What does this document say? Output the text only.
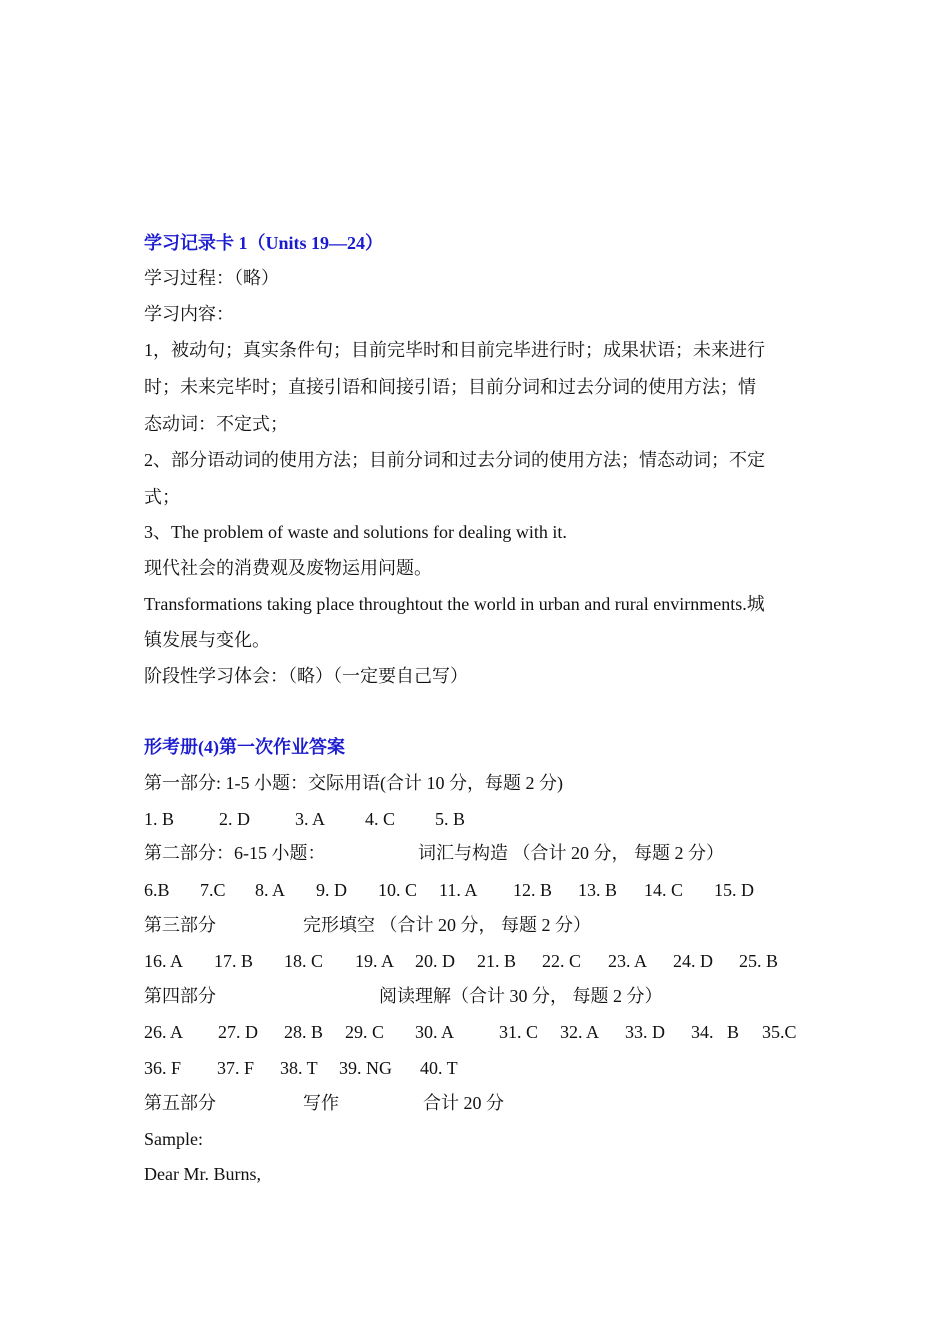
学习记录卡 1（Units 19—24）
学习过程：（略）
学习内容：
1，被动句；真实条件句；目前完毕时和目前完毕进行时；成果状语；未来进行
时；未来完毕时；直接引语和间接引语；目前分词和过去分词的使用方法；情
态动词：不定式；
2、部分语动词的使用方法；目前分词和过去分词的使用方法；情态动词；不定
式；
3、The problem of waste and solutions for dealing with it.
现代社会的消费观及废物运用问题。
Transformations taking place throughtout the world in urban and rural envirnments.城
镇发展与变化。
阶段性学习体会：（略）（一定要自己写）
形考册(4)第一次作业答案
第一部分: 1-5 小题：交际用语(合计 10 分，每题 2 分)

1. B

2. D

	3. A

4. C

5. B

第二部分：6-15 小题：

	词汇与构造 （合计 20 分， 每题 2 分）

6.B

7.C

8. A

9. D

10. C

11. A

12. B

13. B

14. C

15. D

第三部分

	完形填空 （合计 20 分， 每题 2 分）

16. A

17. B

18. C

19. A

20. D

21. B

22. C

23. A

24. D

25. B

第四部分

	阅读理解（合计 30 分， 每题 2 分）

26. A

27. D

28. B

29. C

30. A

31. C

32. A

33. D

34.   B

35.C

36. F

37. F

38. T

39. NG

40. T

第五部分

	写作

	合计 20 分

Sample:
Dear Mr. Burns,
